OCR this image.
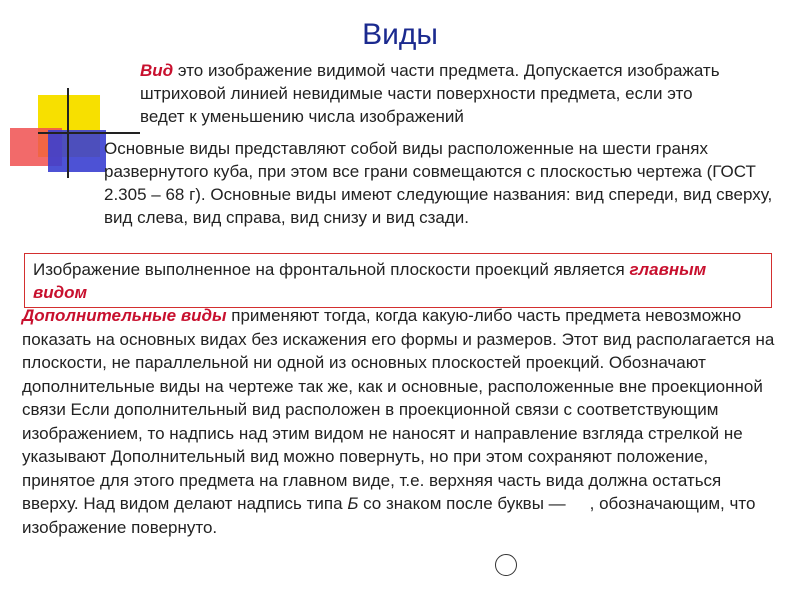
Виды
Вид это изображение видимой части предмета. Допускается изображать штриховой линией невидимые части поверхности предмета, если это ведет к уменьшению числа изображений
Основные виды представляют собой виды расположенные на шести гранях развернутого куба, при этом все грани совмещаются с плоскостью чертежа (ГОСТ 2.305 – 68 г). Основные виды имеют следующие названия: вид спереди, вид сверху, вид слева, вид справа, вид снизу и вид сзади.
Изображение выполненное на фронтальной плоскости проекций является главным видом
Дополнительные виды применяют тогда, когда какую-либо часть предмета невозможно показать на основных видах без искажения его формы и размеров. Этот вид располагается на плоскости, не параллельной ни одной из основных плоскостей проекций. Обозначают дополнительные виды на чертеже так же, как и основные, расположенные вне проекционной связи Если дополнительный вид расположен в проекционной связи с соответствующим изображением, то надпись над этим видом не наносят и направление взгляда стрелкой не указывают Дополнительный вид можно повернуть, но при этом сохраняют положение, принятое для этого предмета на главном виде, т.е. верхняя часть вида должна остаться вверху. Над видом делают надпись типа Б со знаком после буквы — , обозначающим, что изображение повернуто.
